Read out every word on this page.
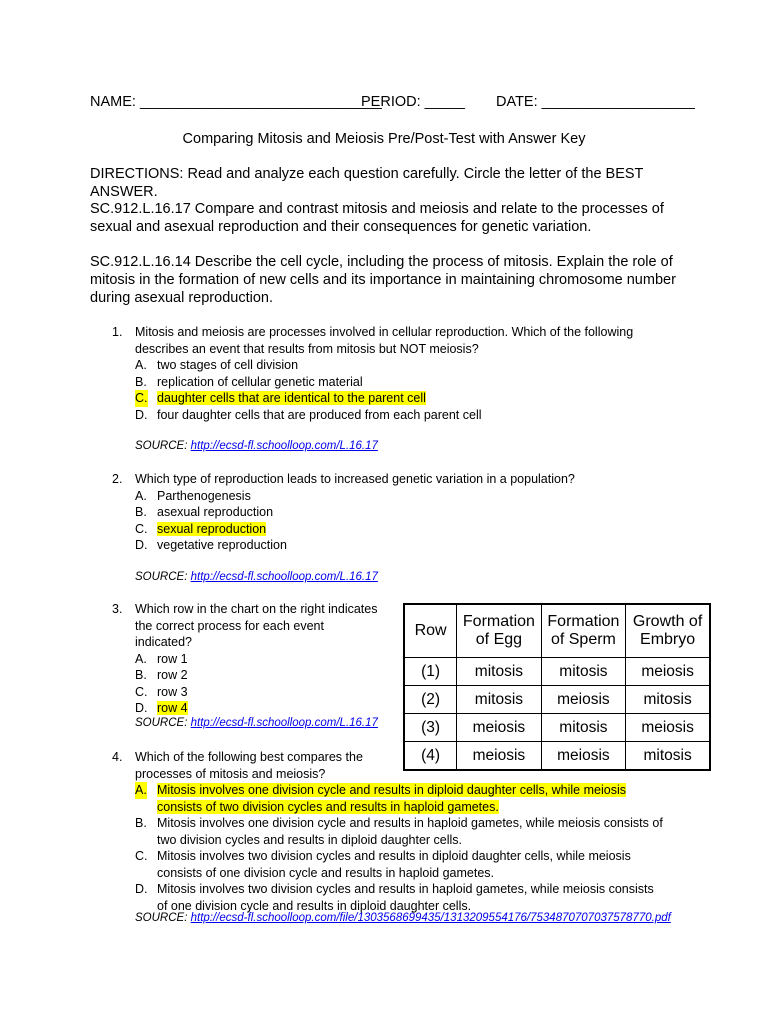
NAME: ______________________________
PERIOD: _____ DATE: ___________________
Comparing Mitosis and Meiosis Pre/Post-Test with Answer Key
DIRECTIONS: Read and analyze each question carefully. Circle the letter of the BEST ANSWER.
SC.912.L.16.17 Compare and contrast mitosis and meiosis and relate to the processes of sexual and asexual reproduction and their consequences for genetic variation.
SC.912.L.16.14 Describe the cell cycle, including the process of mitosis. Explain the role of mitosis in the formation of new cells and its importance in maintaining chromosome number during asexual reproduction.
1. Mitosis and meiosis are processes involved in cellular reproduction. Which of the following describes an event that results from mitosis but NOT meiosis?
A. two stages of cell division
B. replication of cellular genetic material
C. daughter cells that are identical to the parent cell
D. four daughter cells that are produced from each parent cell
SOURCE: http://ecsd-fl.schoolloop.com/L.16.17
2. Which type of reproduction leads to increased genetic variation in a population?
A. Parthenogenesis
B. asexual reproduction
C. sexual reproduction
D. vegetative reproduction
SOURCE: http://ecsd-fl.schoolloop.com/L.16.17
3. Which row in the chart on the right indicates the correct process for each event indicated?
A. row 1
B. row 2
C. row 3
D. row 4
SOURCE: http://ecsd-fl.schoolloop.com/L.16.17
Row	Formation of Egg	Formation of Sperm	Growth of Embryo
(1)	mitosis	mitosis	meiosis
(2)	mitosis	meiosis	mitosis
(3)	meiosis	mitosis	meiosis
(4)	meiosis	meiosis	mitosis
4. Which of the following best compares the processes of mitosis and meiosis?
A. Mitosis involves one division cycle and results in diploid daughter cells, while meiosis consists of two division cycles and results in haploid gametes.
B. Mitosis involves one division cycle and results in haploid gametes, while meiosis consists of two division cycles and results in diploid daughter cells.
C. Mitosis involves two division cycles and results in diploid daughter cells, while meiosis consists of one division cycle and results in haploid gametes.
D. Mitosis involves two division cycles and results in haploid gametes, while meiosis consists of one division cycle and results in diploid daughter cells.
SOURCE: http://ecsd-fl.schoolloop.com/file/1303568699435/1313209554176/7534870707037578770.pdf
